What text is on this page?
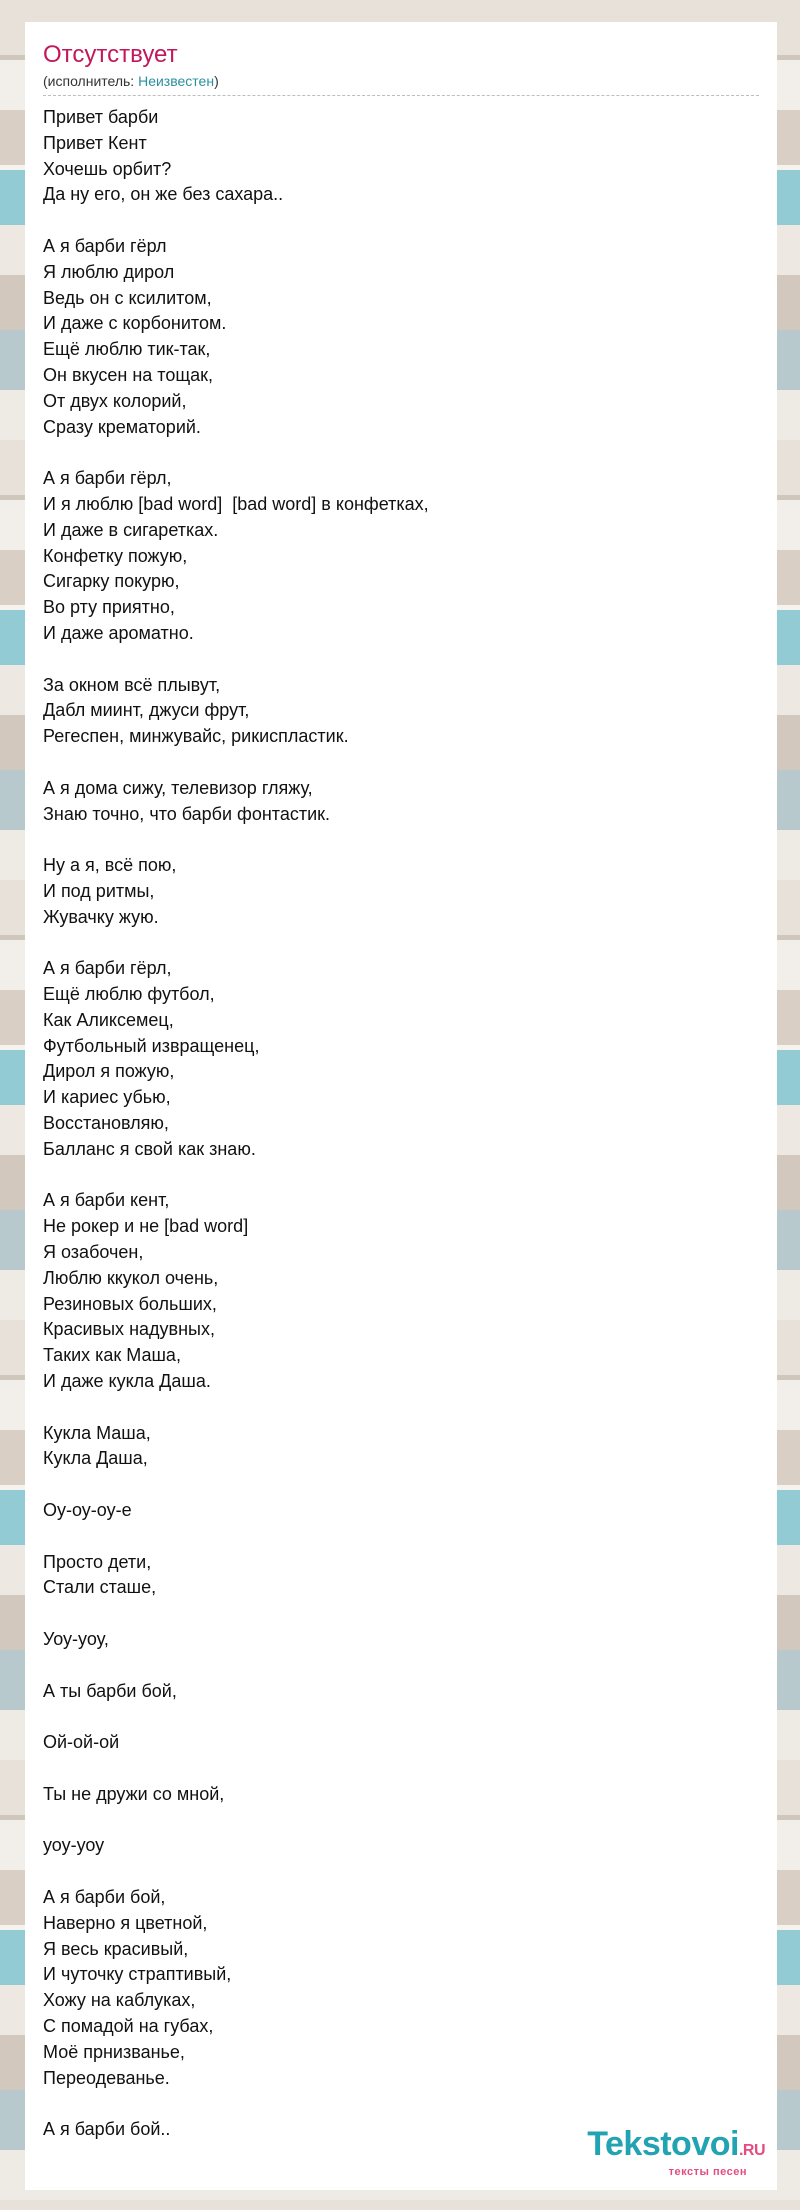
Отсутствует
(исполнитель: Неизвестен)
Привет барби
Привет Кент
Хочешь орбит?
Да ну его, он же без сахара..
А я барби гёрл
Я люблю дирол
Ведь он с ксилитом,
И даже с корбонитом.
Ещё люблю тик-так,
Он вкусен на тощак,
От двух колорий,
Сразу крематорий.
А я барби гёрл,
И я люблю [bad word]  [bad word] в конфетках,
И даже в сигаретках.
Конфетку пожую,
Сигарку покурю,
Во рту приятно,
И даже ароматно.
За окном всё плывут,
Дабл миинт, джуси фрут,
Регеспен, минжувайс, рикиспластик.
А я дома сижу, телевизор гляжу,
Знаю точно, что барби фонтастик.
Ну а я, всё пою,
И под ритмы,
Жувачку жую.
А я барби гёрл,
Ещё люблю футбол,
Как Аликсемец,
Футбольный извращенец,
Дирол я пожую,
И кариес убью,
Восстановляю,
Балланс я свой как знаю.
А я барби кент,
Не рокер и не [bad word]
Я озабочен,
Люблю ккукол очень,
Резиновых больших,
Красивых надувных,
Таких как Маша,
И даже кукла Даша.
Кукла Маша,
Кукла Даша,
Оу-оу-оу-е
Просто дети,
Стали сташе,
Уоу-уоу,
А ты барби бой,
Ой-ой-ой
Ты не дружи со мной,
уоу-уоу
А я барби бой,
Наверно я цветной,
Я весь красивый,
И чуточку страптивый,
Хожу на каблуках,
С помадой на губах,
Моё прнизванье,
Переодеванье.
А я барби бой..	Tekstovoi.RU
тексты песен
